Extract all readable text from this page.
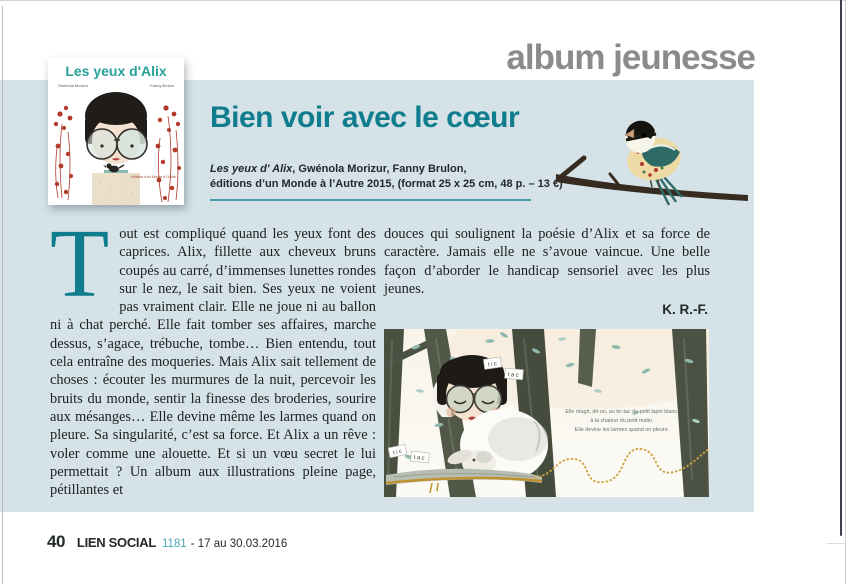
album jeunesse
Les yeux d'Alix
Gwénola Morizur	Fanny Brulon
éditions d'un Monde à l'Autre
Bien voir avec le cœur
Les yeux d' Alix, Gwénola Morizur, Fanny Brulon,
éditions d’un Monde à l’Autre 2015, (format 25 x 25 cm, 48 p. – 13 €)
Tout est compliqué quand les yeux font des caprices. Alix, fillette aux cheveux bruns coupés au carré, d’immenses lunettes rondes sur le nez, le sait bien. Ses yeux ne voient pas vraiment clair. Elle ne joue ni au ballon ni à chat perché. Elle fait tomber ses affaires, marche dessus, s’agace, trébuche, tombe… Bien entendu, tout cela entraîne des moqueries. Mais Alix sait tellement de choses : écouter les murmures de la nuit, percevoir les bruits du monde, sentir la finesse des broderies, sourire aux mésanges… Elle devine même les larmes quand on pleure. Sa singularité, c’est sa force. Et Alix a un rêve : voler comme une alouette. Et si un vœu secret le lui permettait ? Un album aux illustrations pleine page, pétillantes et
douces qui soulignent la poésie d’Alix et sa force de caractère. Jamais elle ne s’avoue vaincue. Une belle façon d’aborder le handicap sensoriel avec les plus jeunes.
K. R.-F.
tic
tac
tic
tac
Elle réagit, dit-on, au tic-tac du petit lapin blanc,
à la chaleur du petit matin.
Elle devine les larmes quand on pleure.
40 LIEN SOCIAL 1181 - 17 au 30.03.2016
